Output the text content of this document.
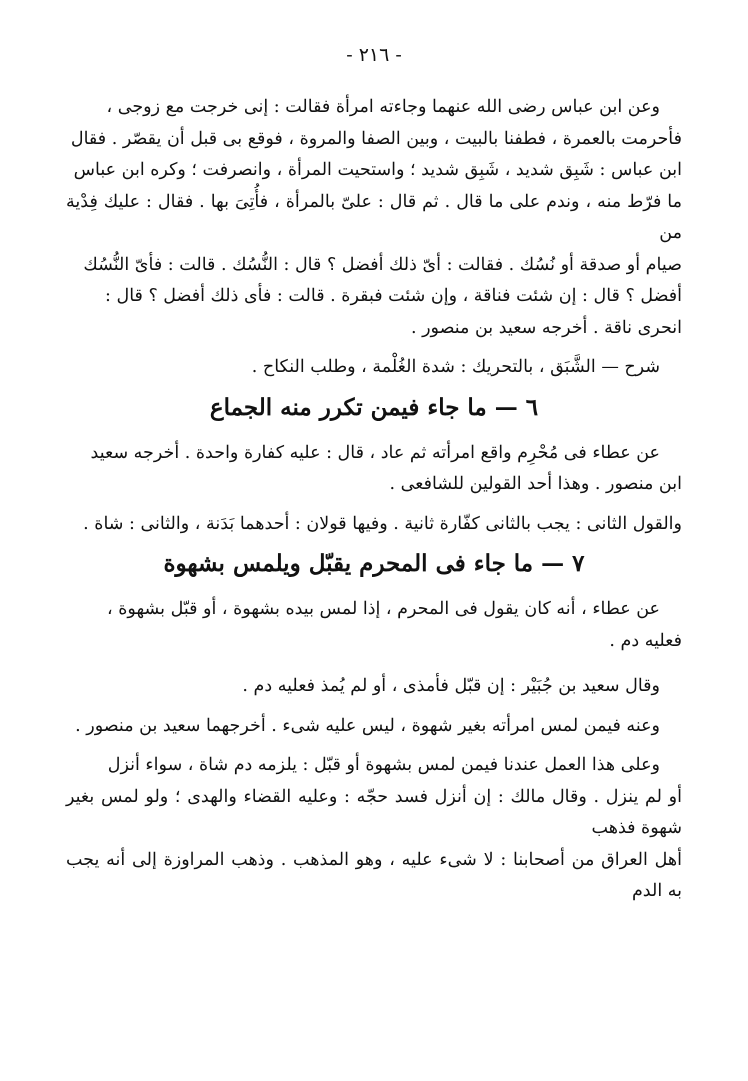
- ٢١٦ -

وعن ابن عباس رضى الله عنهما وجاءته امرأة فقالت : إنى خرجت مع زوجى ،

فأحرمت بالعمرة ، فطفنا بالبيت ، وبين الصفا والمروة ، فوقع بى قبل أن يقصّر . فقال

ابن عباس : شَبِق شديد ، شَبِق شديد ؛ واستحيت المرأة ، وانصرفت ؛ وكره ابن عباس

ما فرّط منه ، وندم على ما قال . ثم قال : علىّ بالمرأة ، فأُتِىَ بها . فقال : عليك فِدْية من

صيام أو صدقة أو نُسُك . فقالت : أىّ ذلك أفضل ؟ قال : النُّسُك . قالت : فأىّ النُّسُك

أفضل ؟ قال : إن شئت فناقة ، وإن شئت فبقرة . قالت : فأى ذلك أفضل ؟ قال :

انحرى ناقة . أخرجه سعيد بن منصور .

شرح — الشَّبَق ، بالتحريك : شدة الغُلْمة ، وطلب النكاح .

٦ — ما جاء فيمن تكرر منه الجماع

عن عطاء فى مُحْرِم واقع امرأته ثم عاد ، قال : عليه كفارة واحدة . أخرجه سعيد

ابن منصور . وهذا أحد القولين للشافعى .

والقول الثانى : يجب بالثانى كفّارة ثانية . وفيها قولان : أحدهما بَدَنة ، والثانى : شاة .

٧ — ما جاء فى المحرم يقبّل ويلمس بشهوة

عن عطاء ، أنه كان يقول فى المحرم ، إذا لمس بيده بشهوة ، أو قبّل بشهوة ،

فعليه دم .

وقال سعيد بن جُبَيْر : إن قبّل فأمذى ، أو لم يُمذ فعليه دم .

وعنه فيمن لمس امرأته بغير شهوة ، ليس عليه شىء . أخرجهما سعيد بن منصور .

وعلى هذا العمل عندنا فيمن لمس بشهوة أو قبّل : يلزمه دم شاة ، سواء أنزل

أو لم ينزل . وقال مالك : إن أنزل فسد حجّه : وعليه القضاء والهدى ؛ ولو لمس بغير شهوة فذهب

أهل العراق من أصحابنا : لا شىء عليه ، وهو المذهب . وذهب المراوزة إلى أنه يجب به الدم
